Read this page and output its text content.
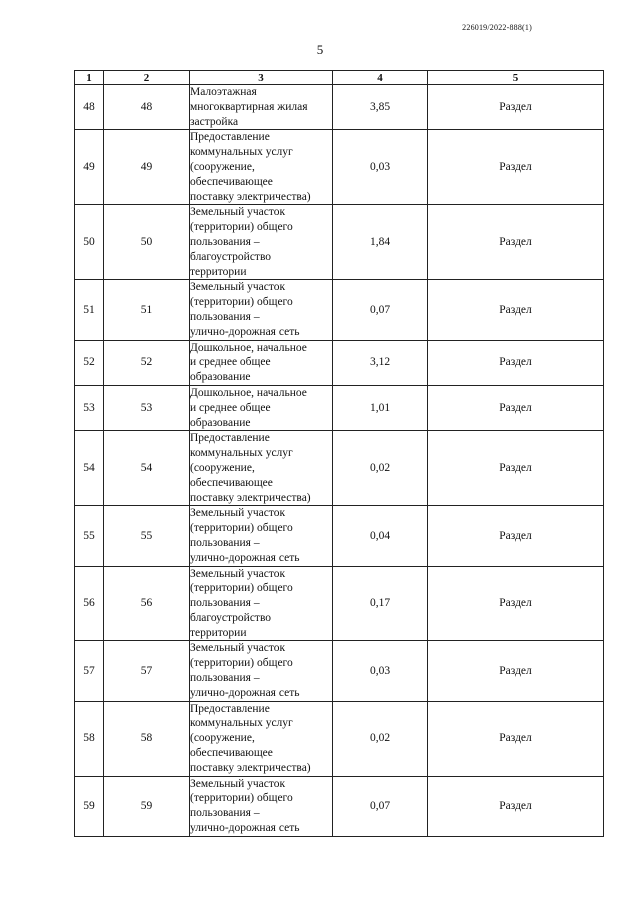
226019/2022-888(1)
5
1	2	3	4	5
48	48	Малоэтажная
многоквартирная жилая
застройка	3,85	Раздел
49	49	Предоставление
коммунальных услуг
(сооружение,
обеспечивающее
поставку электричества)	0,03	Раздел
50	50	Земельный участок
(территории) общего
пользования –
благоустройство
территории	1,84	Раздел
51	51	Земельный участок
(территории) общего
пользования –
улично-дорожная сеть	0,07	Раздел
52	52	Дошкольное, начальное
и среднее общее
образование	3,12	Раздел
53	53	Дошкольное, начальное
и среднее общее
образование	1,01	Раздел
54	54	Предоставление
коммунальных услуг
(сооружение,
обеспечивающее
поставку электричества)	0,02	Раздел
55	55	Земельный участок
(территории) общего
пользования –
улично-дорожная сеть	0,04	Раздел
56	56	Земельный участок
(территории) общего
пользования –
благоустройство
территории	0,17	Раздел
57	57	Земельный участок
(территории) общего
пользования –
улично-дорожная сеть	0,03	Раздел
58	58	Предоставление
коммунальных услуг
(сооружение,
обеспечивающее
поставку электричества)	0,02	Раздел
59	59	Земельный участок
(территории) общего
пользования –
улично-дорожная сеть	0,07	Раздел
